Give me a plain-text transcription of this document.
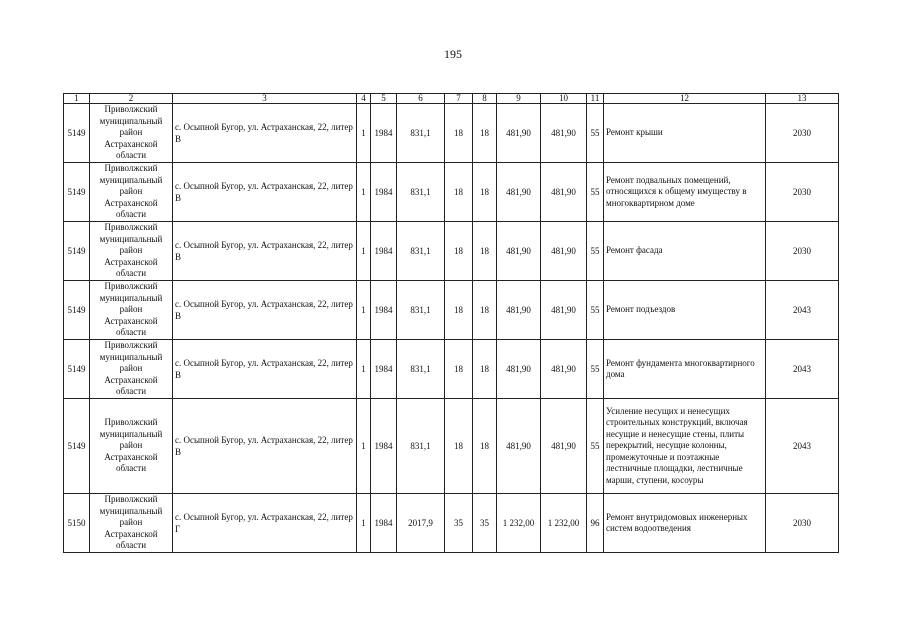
195
1	2	3	4	5	6	7	8	9	10	11	12	13
5149	Приволжский муниципальный район Астраханской области	с. Осыпной Бугор, ул. Астраханская, 22, литер В	1	1984	831,1	18	18	481,90	481,90	55	Ремонт крыши	2030
5149	Приволжский муниципальный район Астраханской области	с. Осыпной Бугор, ул. Астраханская, 22, литер В	1	1984	831,1	18	18	481,90	481,90	55	Ремонт подвальных помещений, относящихся к общему имуществу в многоквартирном доме	2030
5149	Приволжский муниципальный район Астраханской области	с. Осыпной Бугор, ул. Астраханская, 22, литер В	1	1984	831,1	18	18	481,90	481,90	55	Ремонт фасада	2030
5149	Приволжский муниципальный район Астраханской области	с. Осыпной Бугор, ул. Астраханская, 22, литер В	1	1984	831,1	18	18	481,90	481,90	55	Ремонт подъездов	2043
5149	Приволжский муниципальный район Астраханской области	с. Осыпной Бугор, ул. Астраханская, 22, литер В	1	1984	831,1	18	18	481,90	481,90	55	Ремонт фундамента многоквартирного дома	2043
5149	Приволжский муниципальный район Астраханской области	с. Осыпной Бугор, ул. Астраханская, 22, литер В	1	1984	831,1	18	18	481,90	481,90	55	Усиление несущих и ненесущих строительных конструкций, включая несущие и ненесущие стены, плиты перекрытий, несущие колонны, промежуточные и поэтажные лестничные площадки, лестничные марши, ступени, косоуры	2043
5150	Приволжский муниципальный район Астраханской области	с. Осыпной Бугор, ул. Астраханская, 22, литер Г	1	1984	2017,9	35	35	1 232,00	1 232,00	96	Ремонт внутридомовых инженерных систем водоотведения	2030
